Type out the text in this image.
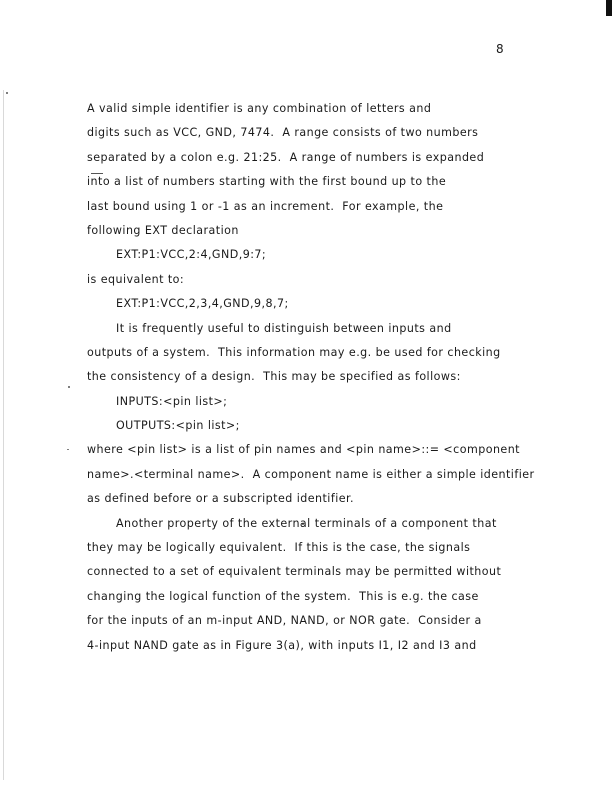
8
A valid simple identifier is any combination of letters and
digits such as VCC, GND, 7474.  A range consists of two numbers
separated by a colon e.g. 21:25.  A range of numbers is expanded
into a list of numbers starting with the first bound up to the
last bound using 1 or -1 as an increment.  For example, the
following EXT declaration
EXT:P1:VCC,2:4,GND,9:7;
is equivalent to:
EXT:P1:VCC,2,3,4,GND,9,8,7;
It is frequently useful to distinguish between inputs and
outputs of a system.  This information may e.g. be used for checking
the consistency of a design.  This may be specified as follows:
INPUTS:<pin list>;
OUTPUTS:<pin list>;
where <pin list> is a list of pin names and <pin name>::= <component
name>.<terminal name>.  A component name is either a simple identifier
as defined before or a subscripted identifier.
Another property of the external terminals of a component that
they may be logically equivalent.  If this is the case, the signals
connected to a set of equivalent terminals may be permitted without
changing the logical function of the system.  This is e.g. the case
for the inputs of an m-input AND, NAND, or NOR gate.  Consider a
4-input NAND gate as in Figure 3(a), with inputs I1, I2 and I3 and
